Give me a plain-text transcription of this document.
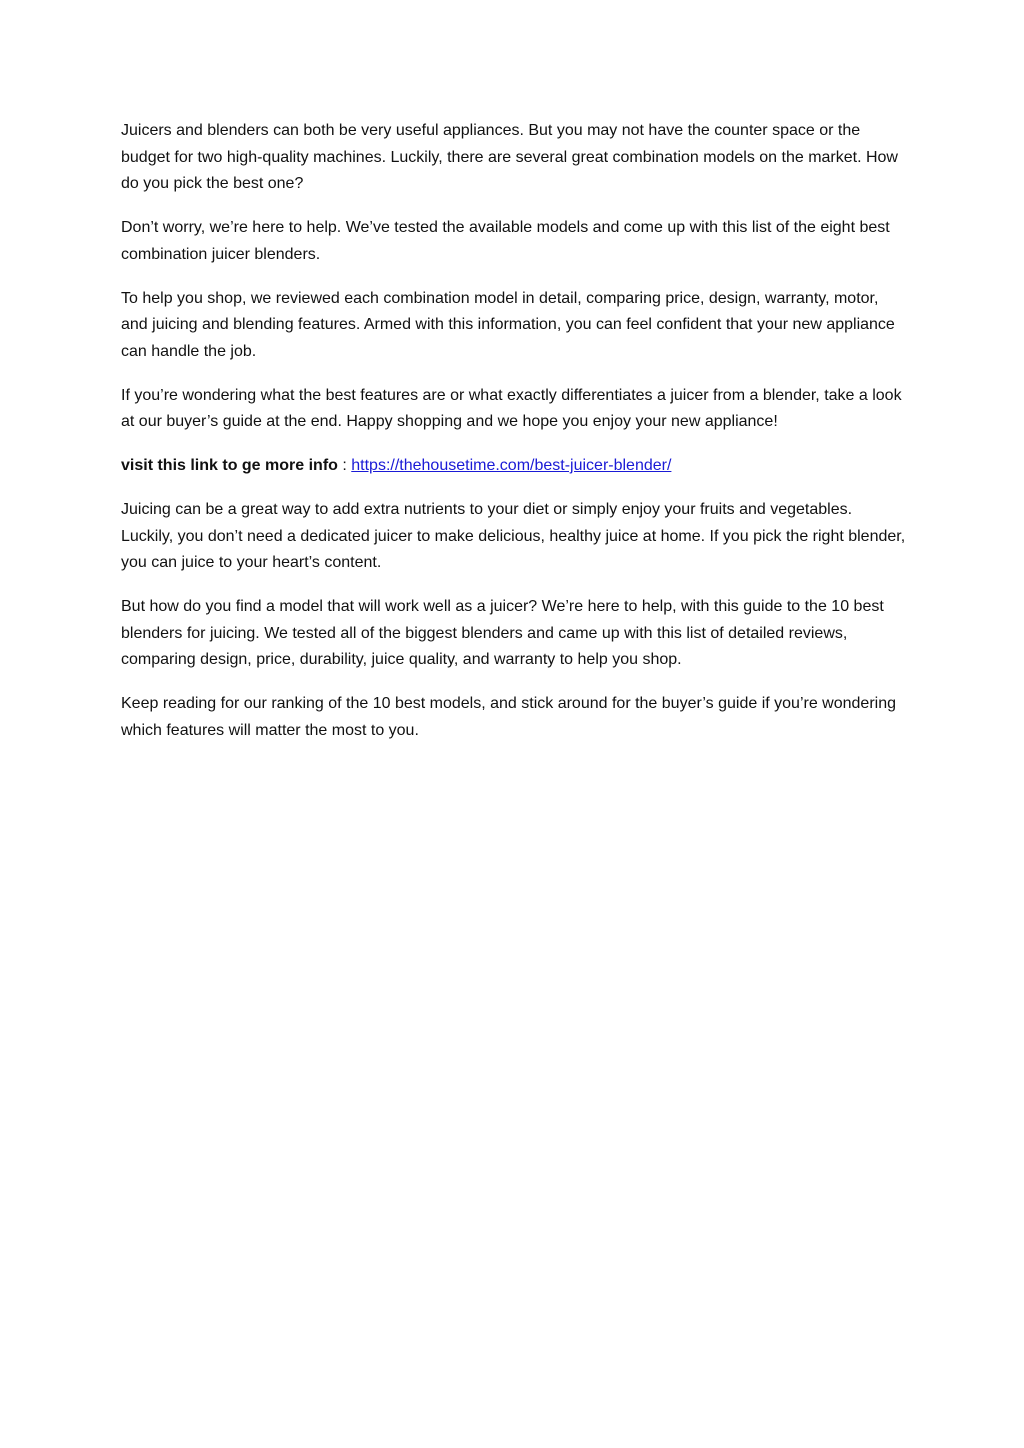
Juicers and blenders can both be very useful appliances. But you may not have the counter space or the budget for two high-quality machines. Luckily, there are several great combination models on the market. How do you pick the best one?

Don’t worry, we’re here to help. We’ve tested the available models and come up with this list of the eight best combination juicer blenders.

To help you shop, we reviewed each combination model in detail, comparing price, design, warranty, motor, and juicing and blending features. Armed with this information, you can feel confident that your new appliance can handle the job.

If you’re wondering what the best features are or what exactly differentiates a juicer from a blender, take a look at our buyer’s guide at the end. Happy shopping and we hope you enjoy your new appliance!

visit this link to ge more info : https://thehousetime.com/best-juicer-blender/

Juicing can be a great way to add extra nutrients to your diet or simply enjoy your fruits and vegetables. Luckily, you don’t need a dedicated juicer to make delicious, healthy juice at home. If you pick the right blender, you can juice to your heart’s content.

But how do you find a model that will work well as a juicer? We’re here to help, with this guide to the 10 best blenders for juicing. We tested all of the biggest blenders and came up with this list of detailed reviews, comparing design, price, durability, juice quality, and warranty to help you shop.

Keep reading for our ranking of the 10 best models, and stick around for the buyer’s guide if you’re wondering which features will matter the most to you.
